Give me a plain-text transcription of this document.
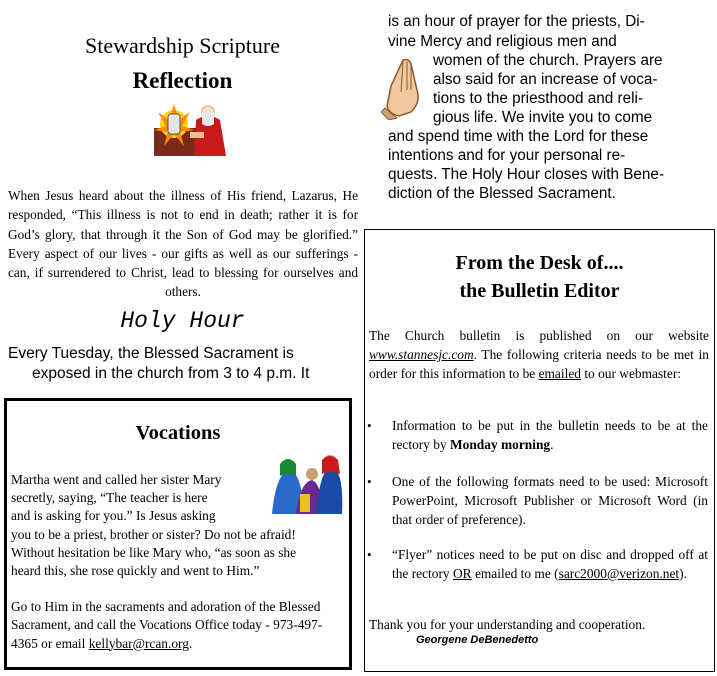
Stewardship Scripture
Reflection
When Jesus heard about the illness of His friend, Lazarus, He responded, “This illness is not to end in death; rather it is for God’s glory, that through it the Son of God may be glorified.” Every aspect of our lives - our gifts as well as our sufferings - can, if surrendered to Christ, lead to blessing for ourselves and others.
Holy Hour
Every Tuesday, the Blessed Sacrament is
exposed in the church from 3 to 4 p.m. It
Vocations
Martha went and called her sister Mary
secretly, saying, “The teacher is here
and is asking for you.” Is Jesus asking
you to be a priest, brother or sister? Do not be afraid!
Without hesitation be like Mary who, “as soon as she
heard this, she rose quickly and went to Him.”
Go to Him in the sacraments and adoration of the Blessed Sacrament, and call the Vocations Office today - 973-497-4365 or email kellybar@rcan.org.
is an hour of prayer for the priests, Di-
vine Mercy and religious men and
women of the church. Prayers are
also said for an increase of voca-
tions to the priesthood and reli-
gious life. We invite you to come
and spend time with the Lord for these
intentions and for your personal re-
quests. The Holy Hour closes with Bene-
diction of the Blessed Sacrament.
From the Desk of....
the Bulletin Editor
The Church bulletin is published on our website www.stannesjc.com. The following criteria needs to be met in order for this information to be emailed to our webmaster:
• Information to be put in the bulletin needs to be at the rectory by Monday morning.
• One of the following formats need to be used: Microsoft PowerPoint, Microsoft Publisher or Microsoft Word (in that order of preference).
• “Flyer” notices need to be put on disc and dropped off at the rectory OR emailed to me (sarc2000@verizon.net).
Thank you for your understanding and cooperation.
Georgene DeBenedetto
